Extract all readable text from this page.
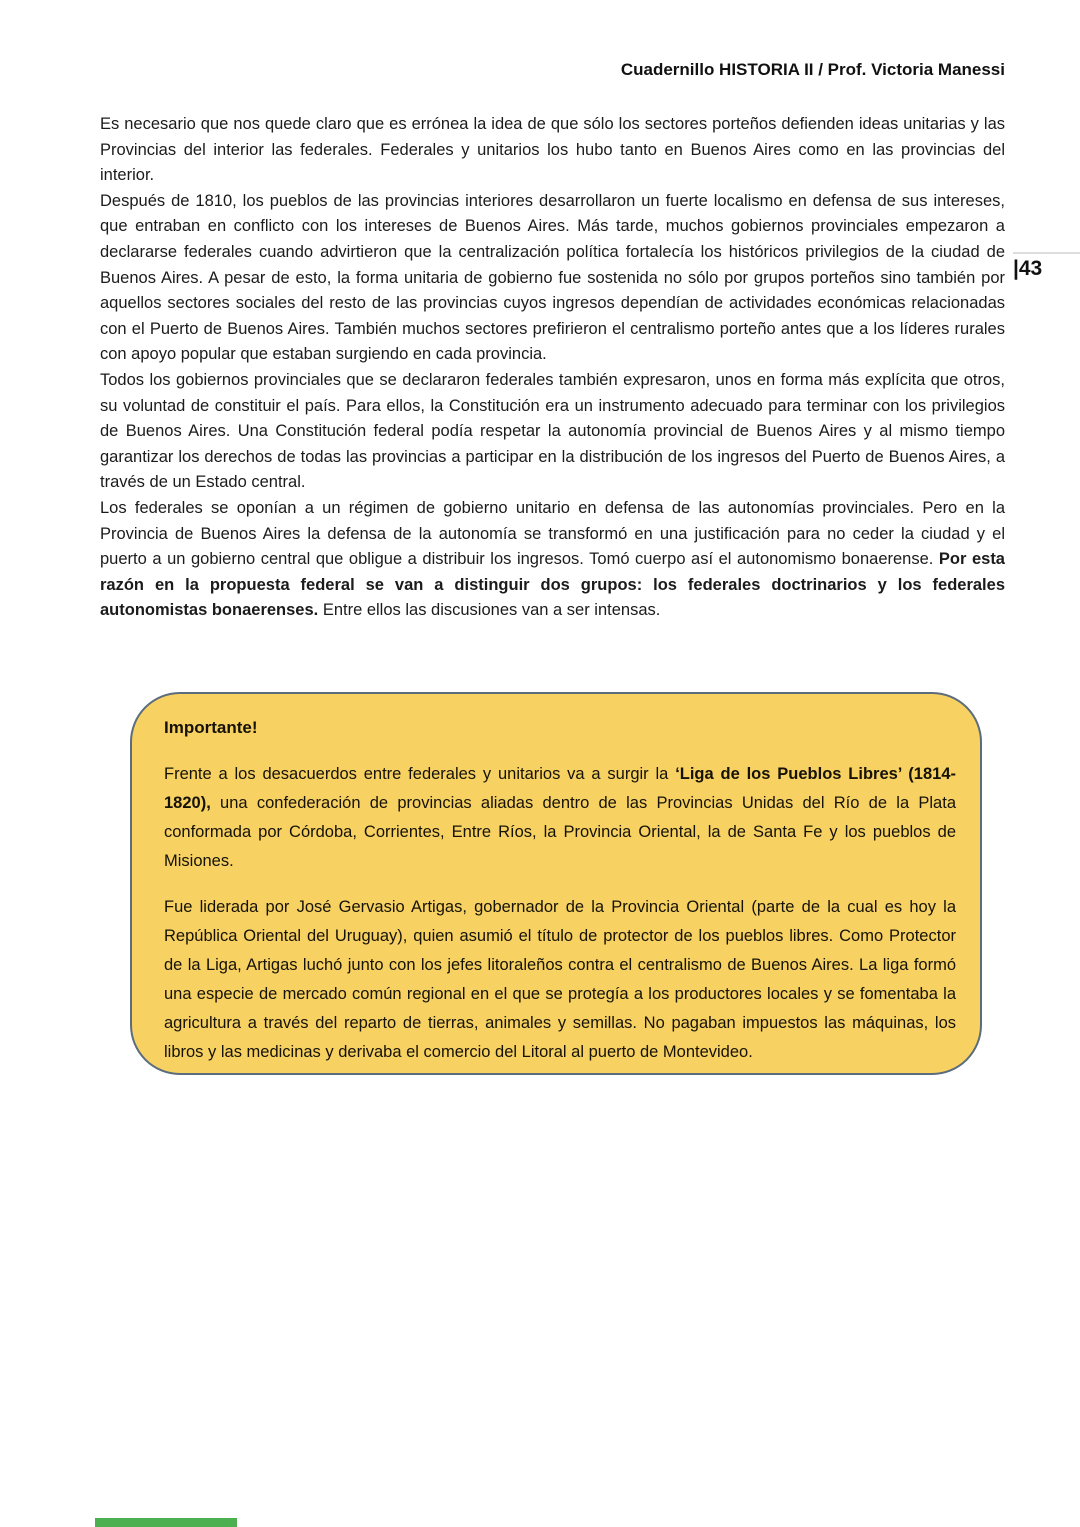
Cuadernillo HISTORIA II / Prof. Victoria Manessi

Es necesario que nos quede claro que es errónea la idea de que sólo los sectores porteños defienden ideas unitarias y las Provincias del interior las federales. Federales y unitarios los hubo tanto en Buenos Aires como en las provincias del interior.

Después de 1810, los pueblos de las provincias interiores desarrollaron un fuerte localismo en defensa de sus intereses, que entraban en conflicto con los intereses de Buenos Aires. Más tarde, muchos gobiernos provinciales empezaron a declararse federales cuando advirtieron que la centralización política fortalecía los históricos privilegios de la ciudad de Buenos Aires. A pesar de esto, la forma unitaria de gobierno fue sostenida no sólo por grupos porteños sino también por aquellos sectores sociales del resto de las provincias cuyos ingresos dependían de actividades económicas relacionadas con el Puerto de Buenos Aires. También muchos sectores prefirieron el centralismo porteño antes que a los líderes rurales con apoyo popular que estaban surgiendo en cada provincia.

Todos los gobiernos provinciales que se declararon federales también expresaron, unos en forma más explícita que otros, su voluntad de constituir el país. Para ellos, la Constitución era un instrumento adecuado para terminar con los privilegios de Buenos Aires. Una Constitución federal podía respetar la autonomía provincial de Buenos Aires y al mismo tiempo garantizar los derechos de todas las provincias a participar en la distribución de los ingresos del Puerto de Buenos Aires, a través de un Estado central.

Los federales se oponían a un régimen de gobierno unitario en defensa de las autonomías provinciales. Pero en la Provincia de Buenos Aires la defensa de la autonomía se transformó en una justificación para no ceder la ciudad y el puerto a un gobierno central que obligue a distribuir los ingresos. Tomó cuerpo así el autonomismo bonaerense. Por esta razón en la propuesta federal se van a distinguir dos grupos: los federales doctrinarios y los federales autonomistas bonaerenses. Entre ellos las discusiones van a ser intensas.

|43
Importante!

Frente a los desacuerdos entre federales y unitarios va a surgir la ‘Liga de los Pueblos Libres’ (1814-1820), una confederación de provincias aliadas dentro de las Provincias Unidas del Río de la Plata conformada por Córdoba, Corrientes, Entre Ríos, la Provincia Oriental, la de Santa Fe y los pueblos de Misiones.

Fue liderada por José Gervasio Artigas, gobernador de la Provincia Oriental (parte de la cual es hoy la República Oriental del Uruguay), quien asumió el título de protector de los pueblos libres. Como Protector de la Liga, Artigas luchó junto con los jefes litoraleños contra el centralismo de Buenos Aires. La liga formó una especie de mercado común regional en el que se protegía a los productores locales y se fomentaba la agricultura a través del reparto de tierras, animales y semillas. No pagaban impuestos las máquinas, los libros y las medicinas y derivaba el comercio del Litoral al puerto de Montevideo.
